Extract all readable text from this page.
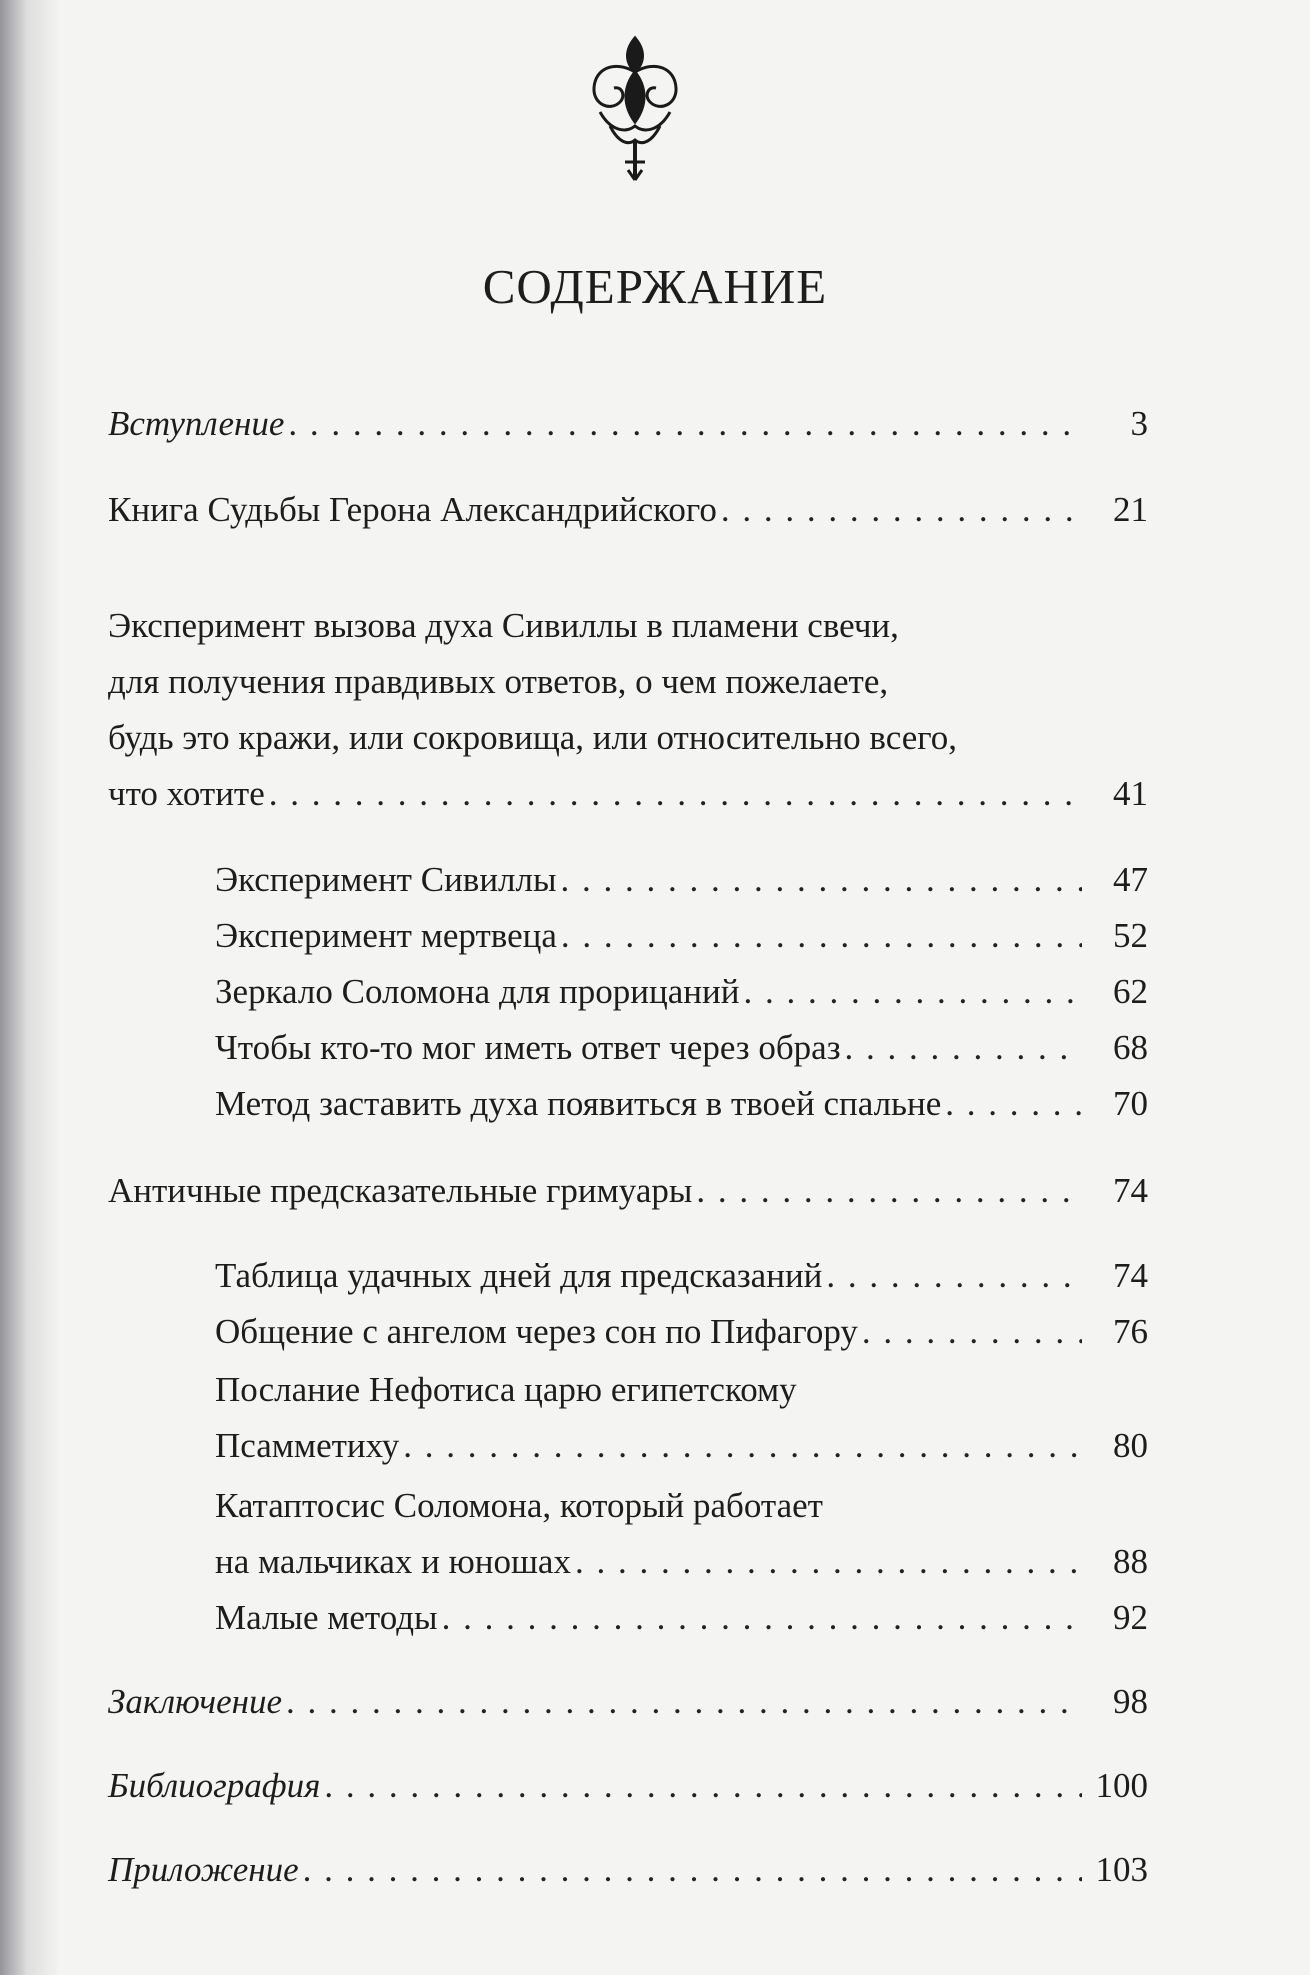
СОДЕРЖАНИЕ
Вступление . . .	3
Книга Судьбы Герона Александрийского . . .	21
Эксперимент вызова духа Сивиллы в пламени свечи,
для получения правдивых ответов, о чем пожелаете,
будь это кражи, или сокровища, или относительно всего,
что хотите . . .	41
Эксперимент Сивиллы . . .	47
Эксперимент мертвеца . . .	52
Зеркало Соломона для прорицаний . . .	62
Чтобы кто-то мог иметь ответ через образ . . .	68
Метод заставить духа появиться в твоей спальне . . .	70
Античные предсказательные гримуары . . .	74
Таблица удачных дней для предсказаний . . .	74
Общение с ангелом через сон по Пифагору . . .	76
Послание Нефотиса царю египетскому
Псамметиху . . .	80
Катаптосис Соломона, который работает
на мальчиках и юношах . . .	88
Малые методы . . .	92
Заключение . . .	98
Библиография . . .	100
Приложение . . .	103
